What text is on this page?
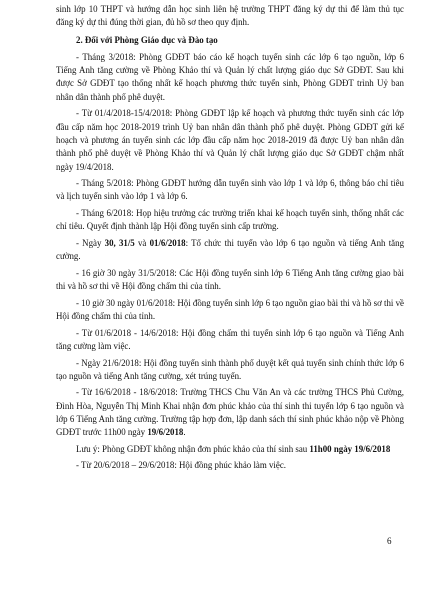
sinh lớp 10 THPT và hướng dẫn học sinh liên hệ trường THPT đăng ký dự thi để làm thủ tục đăng ký dự thi đúng thời gian, đủ hồ sơ theo quy định.

2. Đối với Phòng Giáo dục và Đào tạo

- Tháng 3/2018: Phòng GDĐT báo cáo kế hoạch tuyển sinh các lớp 6 tạo nguồn, lớp 6 Tiếng Anh tăng cường về Phòng Khảo thí và Quản lý chất lượng giáo dục Sở GDĐT. Sau khi được Sở GDĐT tạo thống nhất kế hoạch phương thức tuyển sinh, Phòng GDĐT trình Uỷ ban nhân dân thành phố phê duyệt.

- Từ 01/4/2018-15/4/2018: Phòng GDĐT lập kế hoạch và phương thức tuyển sinh các lớp đầu cấp năm học 2018-2019 trình Uỷ ban nhân dân thành phố phê duyệt. Phòng GDĐT gửi kế hoạch và phương án tuyển sinh các lớp đầu cấp năm học 2018-2019 đã được Uỷ ban nhân dân thành phố phê duyệt về Phòng Khảo thí và Quản lý chất lượng giáo dục Sở GDĐT chậm nhất ngày 19/4/2018.

- Tháng 5/2018: Phòng GDĐT hướng dẫn tuyển sinh vào lớp 1 và lớp 6, thông báo chỉ tiêu và lịch tuyển sinh vào lớp 1 và lớp 6.

- Tháng 6/2018: Họp hiệu trưởng các trường triển khai kế hoạch tuyển sinh, thống nhất các chỉ tiêu. Quyết định thành lập Hội đồng tuyển sinh cấp trường.

- Ngày 30, 31/5 và 01/6/2018: Tổ chức thi tuyển vào lớp 6 tạo nguồn và tiếng Anh tăng cường.

- 16 giờ 30 ngày 31/5/2018: Các Hội đồng tuyển sinh lớp 6 Tiếng Anh tăng cường giao bài thi và hồ sơ thi về Hội đồng chấm thi của tỉnh.

- 10 giờ 30 ngày 01/6/2018: Hội đồng tuyển sinh lớp 6 tạo nguồn giao bài thi và hồ sơ thi về Hội đồng chấm thi của tỉnh.

- Từ 01/6/2018 - 14/6/2018: Hội đồng chấm thi tuyển sinh lớp 6 tạo nguồn và Tiếng Anh tăng cường làm việc.

- Ngày 21/6/2018: Hội đồng tuyển sinh thành phố duyệt kết quả tuyển sinh chính thức lớp 6 tạo nguồn và tiếng Anh tăng cường, xét trúng tuyển.

- Từ 16/6/2018 - 18/6/2018: Trường THCS Chu Văn An và các trường THCS Phủ Cường, Đình Hòa, Nguyễn Thị Minh Khai nhận đơn phúc khảo của thí sinh thi tuyển lớp 6 tạo nguồn và lớp 6 Tiếng Anh tăng cường. Trường tập hợp đơn, lập danh sách thí sinh phúc khảo nộp về Phòng GDĐT trước 11h00 ngày 19/6/2018.

Lưu ý: Phòng GDĐT không nhận đơn phúc khảo của thí sinh sau 11h00 ngày 19/6/2018

- Từ 20/6/2018 – 29/6/2018: Hội đồng phúc khảo làm việc.

6
